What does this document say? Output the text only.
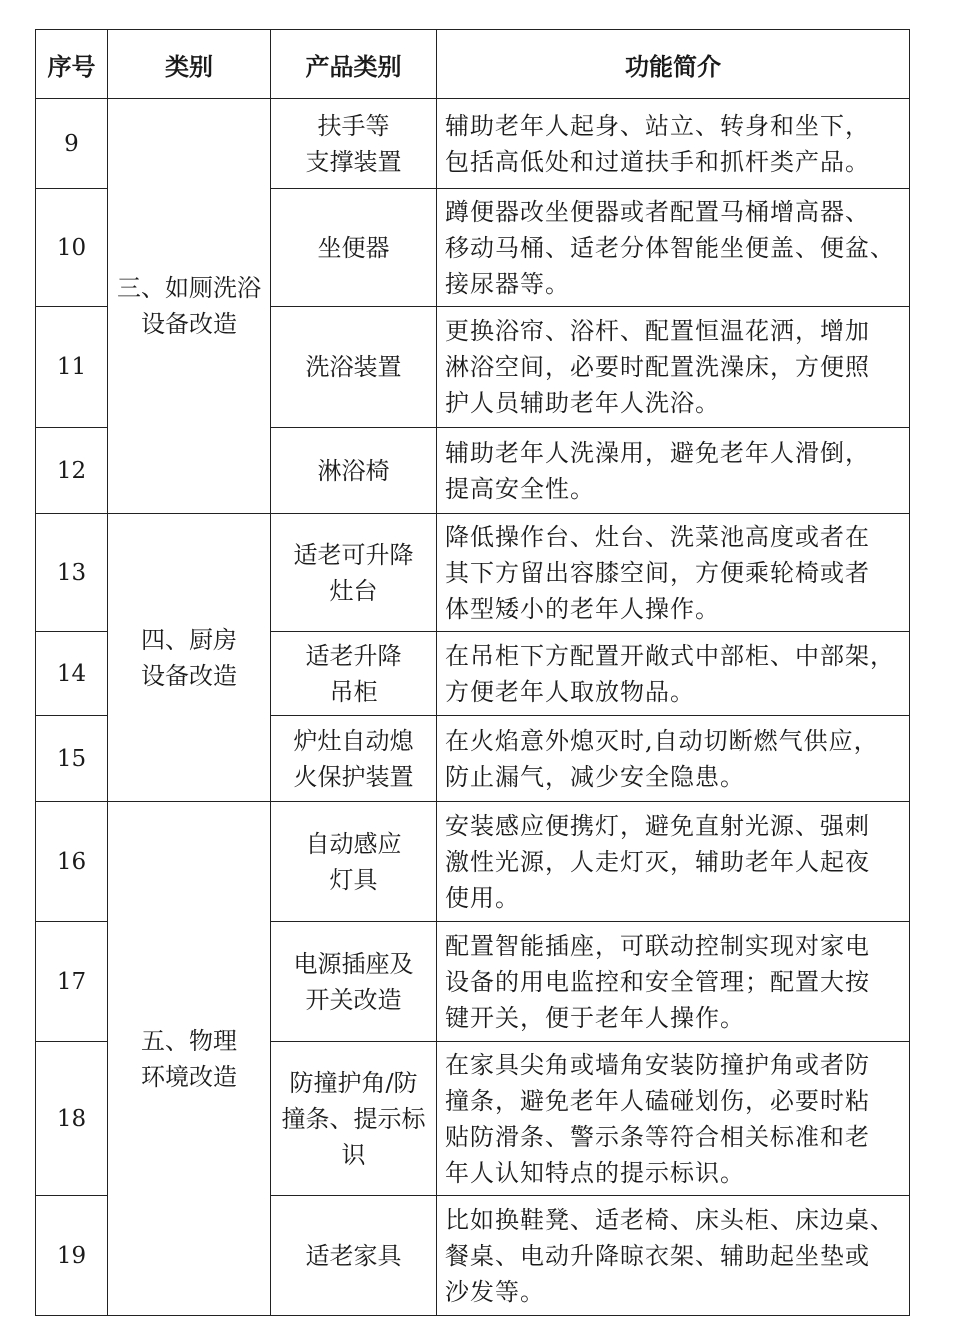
序号	类别	产品类别	功能简介
9	三、如厕洗浴
设备改造	扶手等
支撑装置	辅助老年人起身、站立、转身和坐下，
包括高低处和过道扶手和抓杆类产品。

10		坐便器	蹲便器改坐便器或者配置马桶增高器、
移动马桶、适老分体智能坐便盖、便盆、
接尿器等。

11		洗浴装置	更换浴帘、浴杆、配置恒温花洒，增加
淋浴空间，必要时配置洗澡床，方便照
护人员辅助老年人洗浴。

12		淋浴椅	辅助老年人洗澡用，避免老年人滑倒，
提高安全性。

13	四、厨房
设备改造	适老可升降
灶台	降低操作台、灶台、洗菜池高度或者在
其下方留出容膝空间，方便乘轮椅或者
体型矮小的老年人操作。

14		适老升降
吊柜	在吊柜下方配置开敞式中部柜、中部架，
方便老年人取放物品。

15		炉灶自动熄
火保护装置	在火焰意外熄灭时,自动切断燃气供应，
防止漏气，减少安全隐患。

16	五、物理
环境改造	自动感应
灯具	安装感应便携灯，避免直射光源、强刺
激性光源，人走灯灭，辅助老年人起夜
使用。

17		电源插座及
开关改造	配置智能插座，可联动控制实现对家电
设备的用电监控和安全管理；配置大按
键开关，便于老年人操作。

18		防撞护角/防
撞条、提示标
识	在家具尖角或墙角安装防撞护角或者防
撞条，避免老年人磕碰划伤，必要时粘
贴防滑条、警示条等符合相关标准和老
年人认知特点的提示标识。

19		适老家具	比如换鞋凳、适老椅、床头柜、床边桌、
餐桌、电动升降晾衣架、辅助起坐垫或
沙发等。
